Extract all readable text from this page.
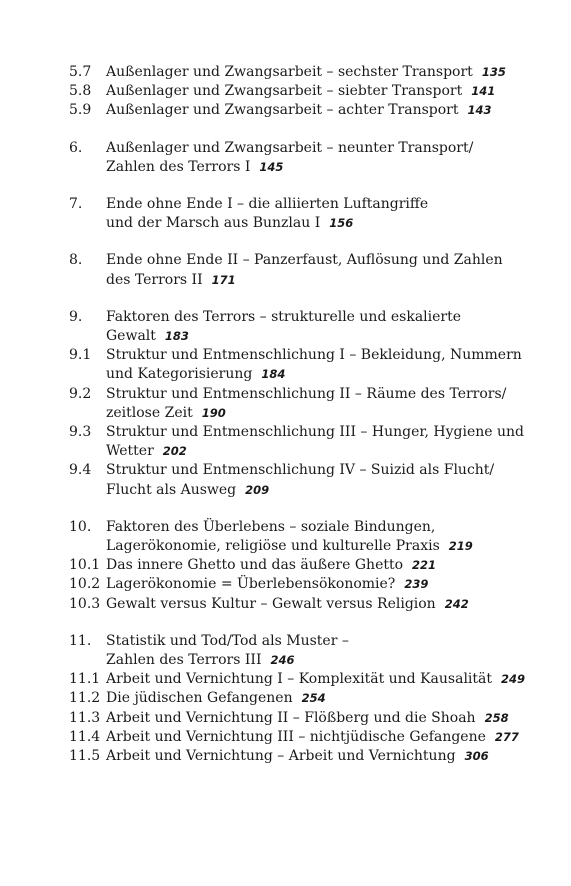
5.7	Außenlager und Zwangsarbeit – sechster Transport 135
5.8	Außenlager und Zwangsarbeit – siebter Transport 141
5.9	Außenlager und Zwangsarbeit – achter Transport 143
6.	Außenlager und Zwangsarbeit – neunter Transport/
Zahlen des Terrors I 145
7.	Ende ohne Ende I – die alliierten Luftangriffe
und der Marsch aus Bunzlau I 156
8.	Ende ohne Ende II – Panzerfaust, Auflösung und Zahlen
des Terrors II 171
9.	Faktoren des Terrors – strukturelle und eskalierte
Gewalt 183
9.1	Struktur und Entmenschlichung I – Bekleidung, Nummern
und Kategorisierung 184
9.2	Struktur und Entmenschlichung II – Räume des Terrors/
zeitlose Zeit 190
9.3	Struktur und Entmenschlichung III – Hunger, Hygiene und
Wetter 202
9.4	Struktur und Entmenschlichung IV – Suizid als Flucht/
Flucht als Ausweg 209
10.	Faktoren des Überlebens – soziale Bindungen,
Lagerökonomie, religiöse und kulturelle Praxis 219
10.1 Das innere Ghetto und das äußere Ghetto 221
10.2 Lagerökonomie = Überlebensökonomie? 239
10.3 Gewalt versus Kultur – Gewalt versus Religion 242
11.	Statistik und Tod/Tod als Muster –
Zahlen des Terrors III 246
11.1 Arbeit und Vernichtung I – Komplexität und Kausalität 249
11.2 Die jüdischen Gefangenen 254
11.3 Arbeit und Vernichtung II – Flößberg und die Shoah 258
11.4 Arbeit und Vernichtung III – nichtjüdische Gefangene 277
11.5 Arbeit und Vernichtung – Arbeit und Vernichtung 306
